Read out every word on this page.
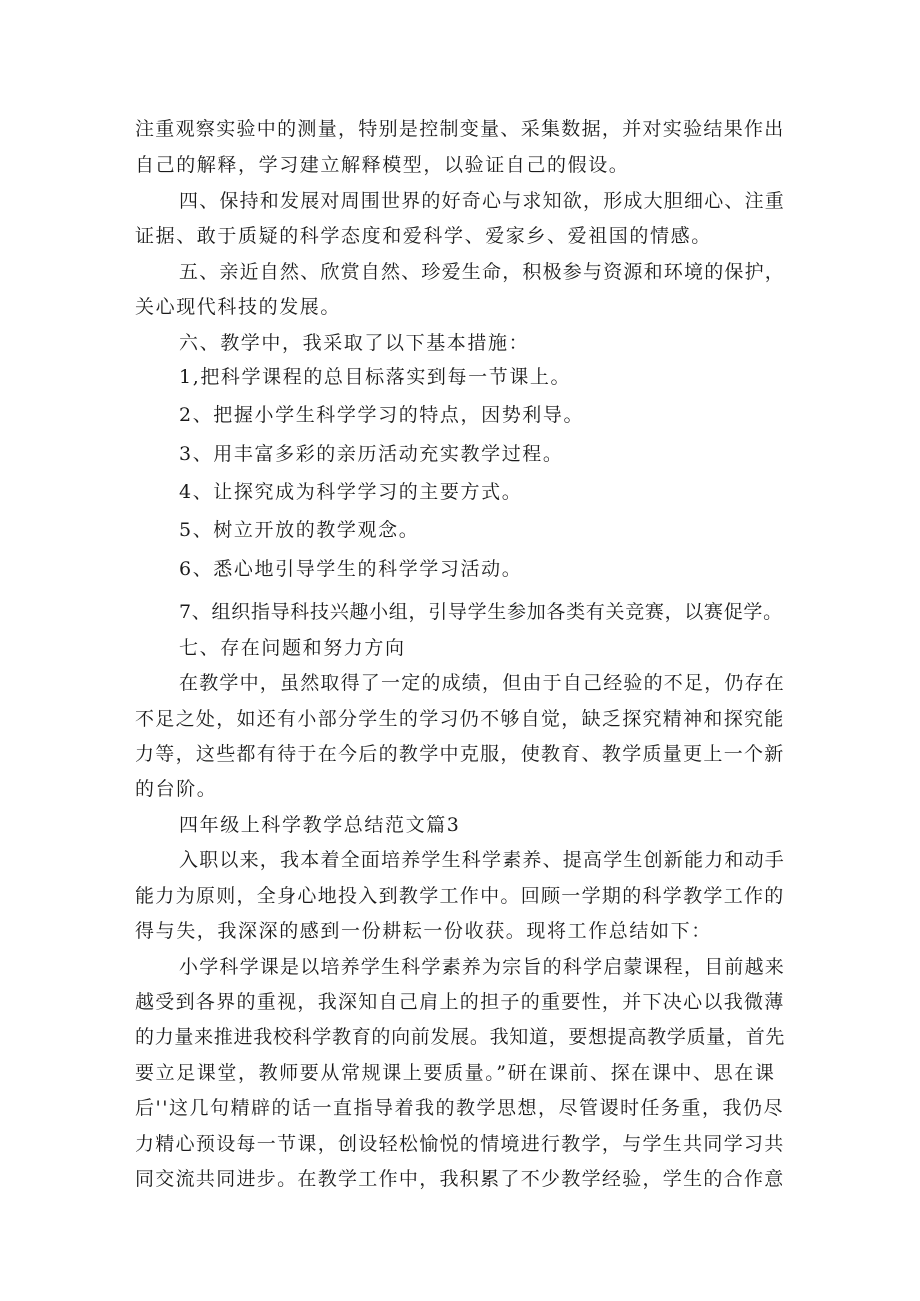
注重观察实验中的测量，特别是控制变量、采集数据，并对实验结果作出
自己的解释，学习建立解释模型，以验证自己的假设。
四、保持和发展对周围世界的好奇心与求知欲，形成大胆细心、注重
证据、敢于质疑的科学态度和爱科学、爱家乡、爱祖国的情感。
五、亲近自然、欣赏自然、珍爱生命，积极参与资源和环境的保护，
关心现代科技的发展。
六、教学中，我采取了以下基本措施：
1,把科学课程的总目标落实到每一节课上。
2、把握小学生科学学习的特点，因势利导。
3、用丰富多彩的亲历活动充实教学过程。
4、让探究成为科学学习的主要方式。
5、树立开放的教学观念。
6、悉心地引导学生的科学学习活动。
7、组织指导科技兴趣小组，引导学生参加各类有关竞赛，以赛促学。
七、存在问题和努力方向
在教学中，虽然取得了一定的成绩，但由于自己经验的不足，仍存在
不足之处，如还有小部分学生的学习仍不够自觉，缺乏探究精神和探究能
力等，这些都有待于在今后的教学中克服，使教育、教学质量更上一个新
的台阶。
四年级上科学教学总结范文篇3
入职以来，我本着全面培养学生科学素养、提高学生创新能力和动手
能力为原则，全身心地投入到教学工作中。回顾一学期的科学教学工作的
得与失，我深深的感到一份耕耘一份收获。现将工作总结如下：
小学科学课是以培养学生科学素养为宗旨的科学启蒙课程，目前越来
越受到各界的重视，我深知自己肩上的担子的重要性，并下决心以我微薄
的力量来推进我校科学教育的向前发展。我知道，要想提高教学质量，首先
要立足课堂，教师要从常规课上要质量。”研在课前、探在课中、思在课
后''这几句精辟的话一直指导着我的教学思想，尽管谡时任务重，我仍尽
力精心预设每一节课，创设轻松愉悦的情境进行教学，与学生共同学习共
同交流共同进步。在教学工作中，我积累了不少教学经验，学生的合作意
